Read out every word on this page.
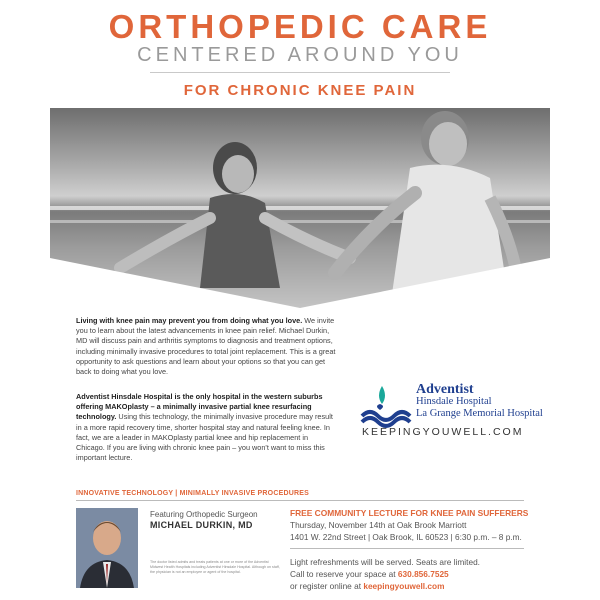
ORTHOPEDIC CARE
CENTERED AROUND YOU
FOR CHRONIC KNEE PAIN
Living with knee pain may prevent you from doing what you love. We invite you to learn about the latest advancements in knee pain relief. Michael Durkin, MD will discuss pain and arthritis symptoms to diagnosis and treatment options, including minimally invasive procedures to total joint replacement. This is a great opportunity to ask questions and learn about your options so that you can get back to doing what you love.
Adventist Hinsdale Hospital is the only hospital in the western suburbs offering MAKOplasty – a minimally invasive partial knee resurfacing technology. Using this technology, the minimally invasive procedure may result in a more rapid recovery time, shorter hospital stay and natural feeling knee. In fact, we are a leader in MAKOplasty partial knee and hip replacement in Chicago. If you are living with chronic knee pain – you won't want to miss this important lecture.
INNOVATIVE TECHNOLOGY | MINIMALLY INVASIVE PROCEDURES
Adventist
Hinsdale Hospital
La Grange Memorial Hospital
KEEPINGYOUWELL.COM
Featuring Orthopedic Surgeon
MICHAEL DURKIN, MD
The doctor listed admits and treats patients at one or more of the Adventist Midwest Health Hospitals including Adventist Hinsdale Hospital. Although on staff, the physician is not an employee or agent of the hospital.
FREE COMMUNITY LECTURE FOR KNEE PAIN SUFFERERS
Thursday, November 14th at Oak Brook Marriott
1401 W. 22nd Street | Oak Brook, IL 60523 | 6:30 p.m. – 8 p.m.
Light refreshments will be served. Seats are limited.
Call to reserve your space at 630.856.7525
or register online at keepingyouwell.com
